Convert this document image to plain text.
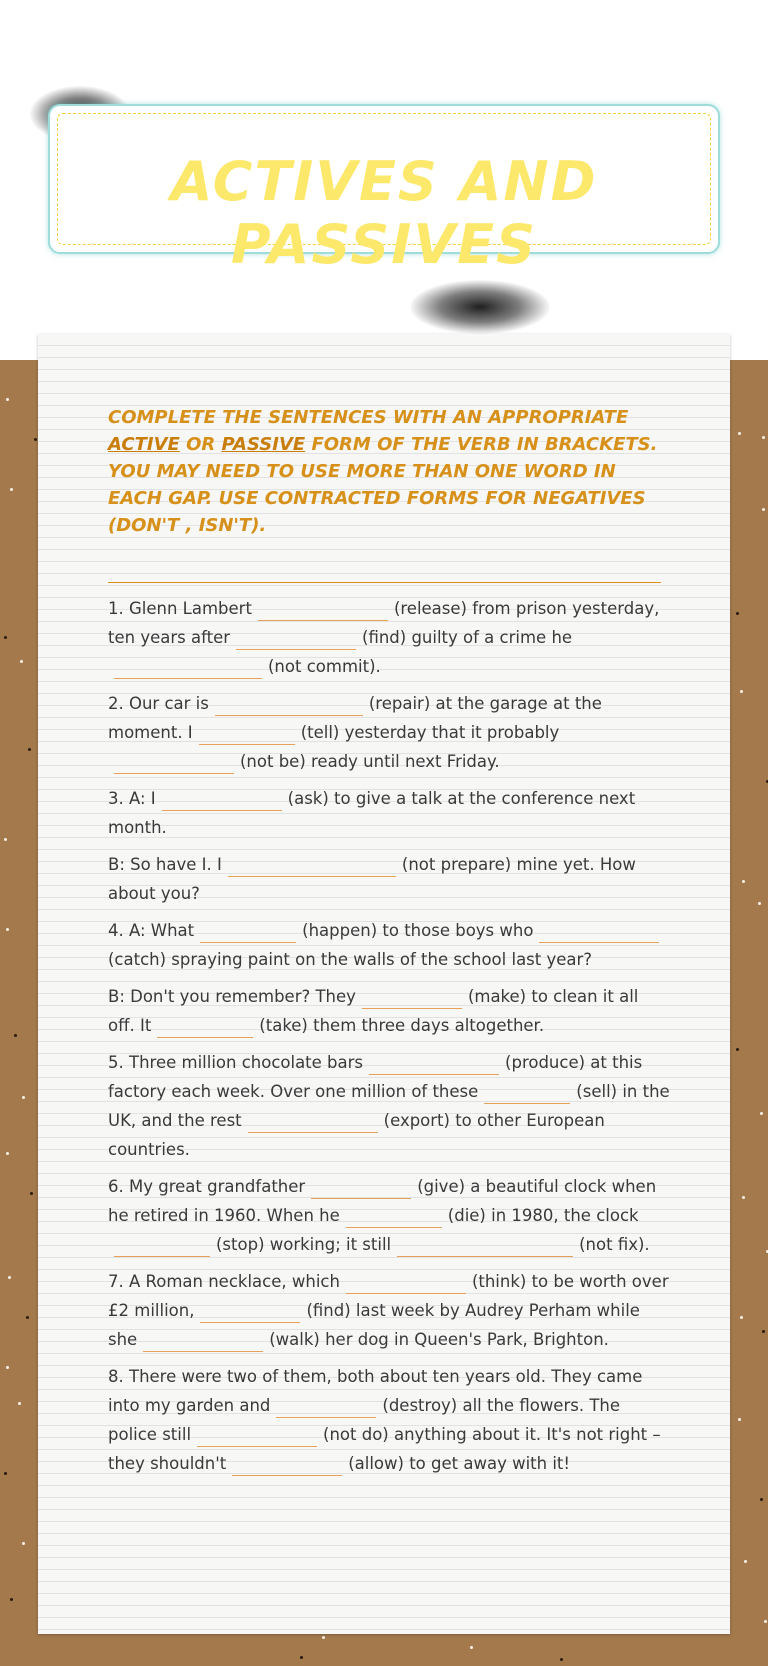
ACTIVES AND PASSIVES
COMPLETE THE SENTENCES WITH AN APPROPRIATE ACTIVE OR PASSIVE FORM OF THE VERB IN BRACKETS. YOU MAY NEED TO USE MORE THAN ONE WORD IN EACH GAP. USE CONTRACTED FORMS FOR NEGATIVES (DON'T , ISN'T).
1. Glenn Lambert	(release) from prison yesterday, ten years after	(find) guilty of a crime he(not commit).
2. Our car is	(repair) at the garage at the moment. I	(tell) yesterday that it probably(not be) ready until next Friday.
3. A: I	(ask) to give a talk at the conference next month.
B: So have I. I	(not prepare) mine yet. How about you?
4. A: What	(happen) to those boys who(catch) spraying paint on the walls of the school last year?
B: Don't you remember? They	(make) to clean it all off. It	(take) them three days altogether.
5. Three million chocolate bars	(produce) at this factory each week. Over one million of these	(sell) in the UK, and the rest	(export) to other European countries.
6. My great grandfather	(give) a beautiful clock when he retired in 1960. When he	(die) in 1980, the clock(stop) working; it still	(not fix).
7. A Roman necklace, which	(think) to be worth over £2 million,	(find) last week by Audrey Perham while she	(walk) her dog in Queen's Park, Brighton.
8. There were two of them, both about ten years old. They came into my garden and	(destroy) all the flowers. The police still	(not do) anything about it. It's not right – they shouldn't	(allow) to get away with it!
